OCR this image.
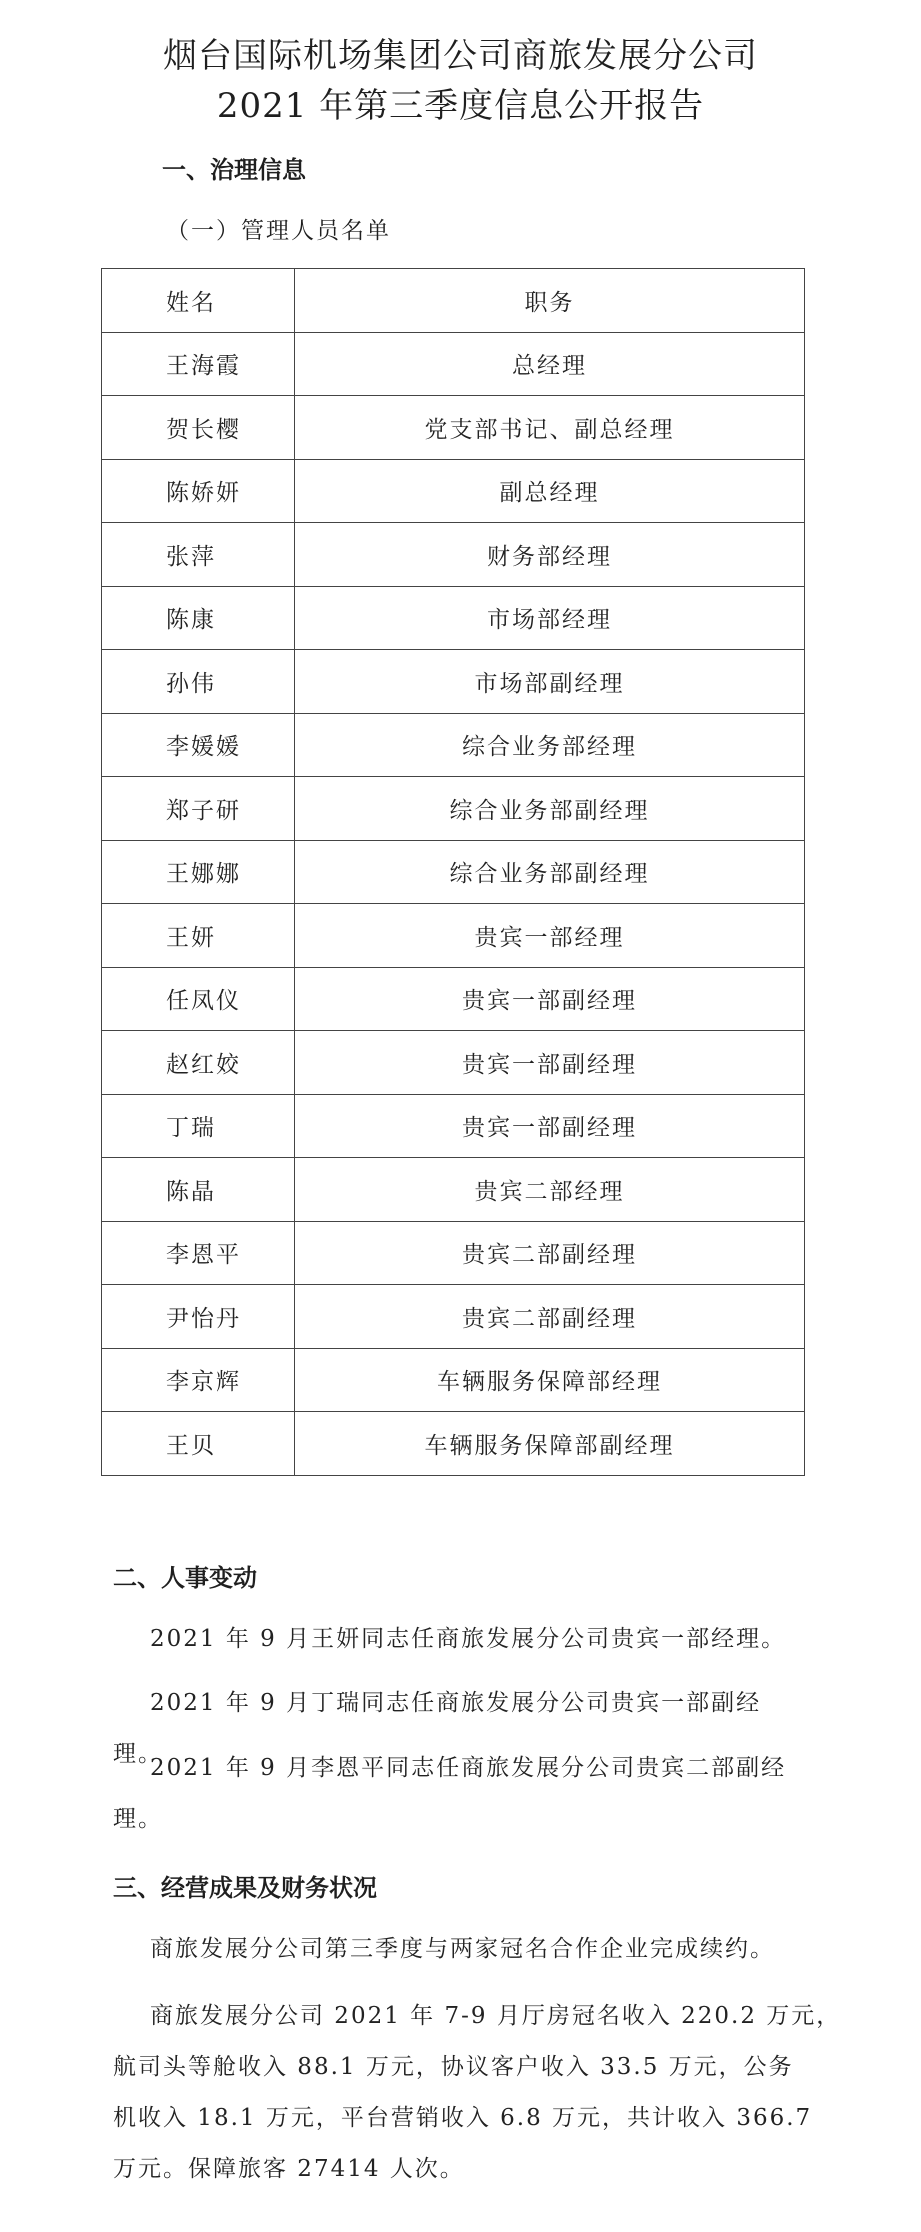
烟台国际机场集团公司商旅发展分公司
2021 年第三季度信息公开报告
一、治理信息
（一）管理人员名单
姓名	职务
王海霞	总经理
贺长樱	党支部书记、副总经理
陈娇妍	副总经理
张萍	财务部经理
陈康	市场部经理
孙伟	市场部副经理
李媛媛	综合业务部经理
郑子研	综合业务部副经理
王娜娜	综合业务部副经理
王妍	贵宾一部经理
任凤仪	贵宾一部副经理
赵红姣	贵宾一部副经理
丁瑞	贵宾一部副经理
陈晶	贵宾二部经理
李恩平	贵宾二部副经理
尹怡丹	贵宾二部副经理
李京辉	车辆服务保障部经理
王贝	车辆服务保障部副经理
二、人事变动
2021 年 9 月王妍同志任商旅发展分公司贵宾一部经理。
2021 年 9 月丁瑞同志任商旅发展分公司贵宾一部副经理。
2021 年 9 月李恩平同志任商旅发展分公司贵宾二部副经
理。
三、经营成果及财务状况
商旅发展分公司第三季度与两家冠名合作企业完成续约。
商旅发展分公司 2021 年 7-9 月厅房冠名收入 220.2 万元，
航司头等舱收入 88.1 万元，协议客户收入 33.5 万元，公务
机收入 18.1 万元，平台营销收入 6.8 万元，共计收入 366.7
万元。保障旅客 27414 人次。
